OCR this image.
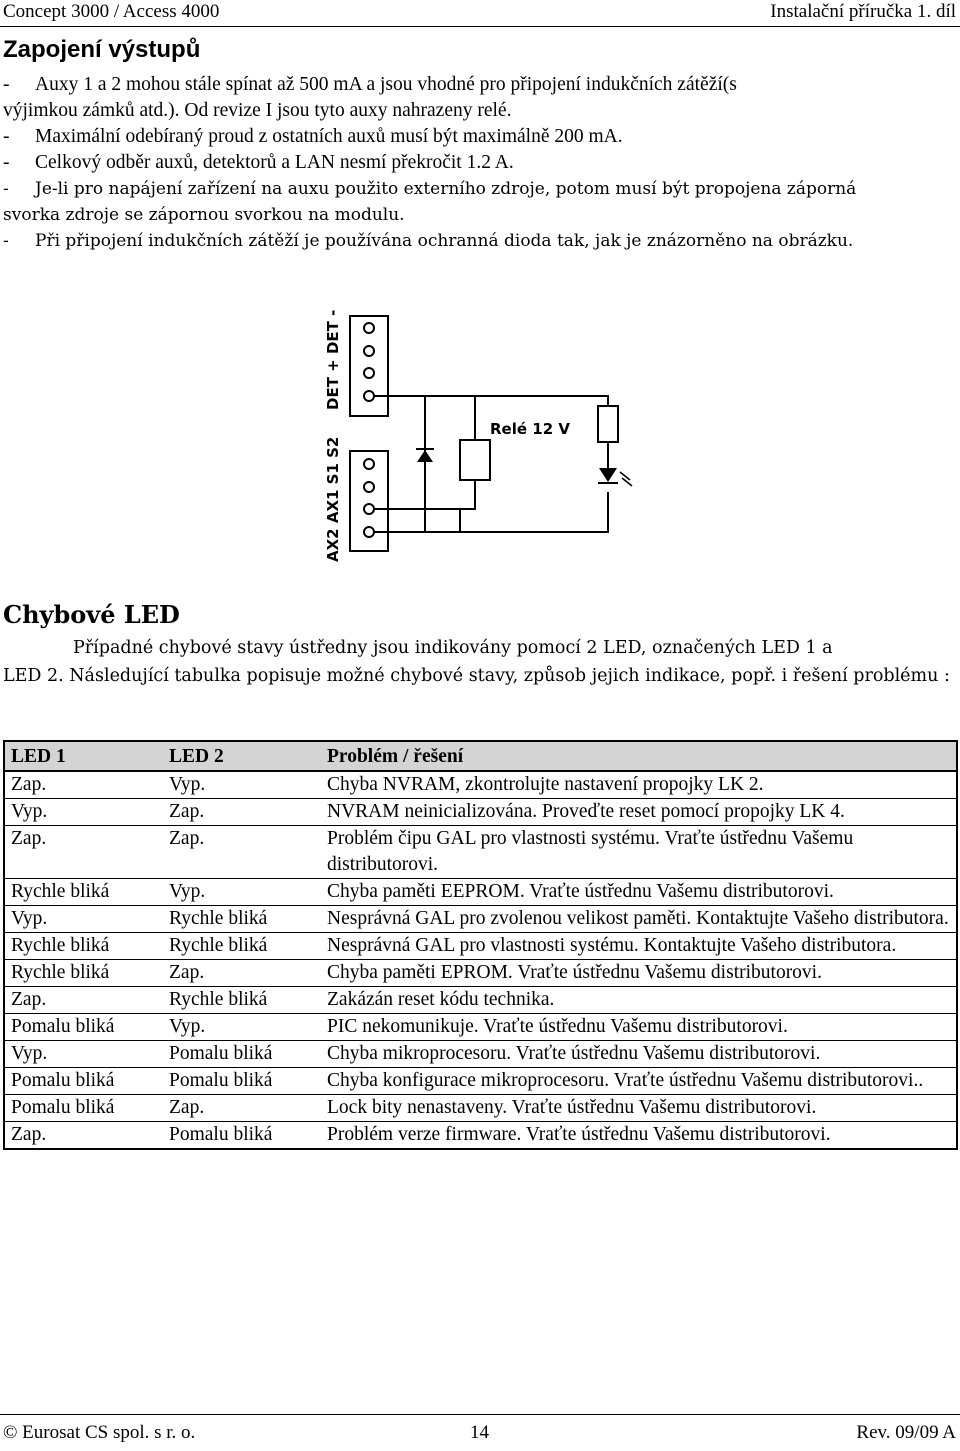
Concept 3000 / Access 4000	Instalační příručka 1. díl
Zapojení výstupů
- Auxy 1 a 2 mohou stále spínat až 500 mA a jsou vhodné pro připojení indukčních zátěží(s
výjimkou zámků atd.). Od revize I jsou tyto auxy nahrazeny relé.
- Maximální odebíraný proud z ostatních auxů musí být maximálně 200 mA.
- Celkový odběr auxů, detektorů a LAN nesmí překročit 1.2 A.
- Je-li pro napájení zařízení na auxu použito externího zdroje, potom musí být propojena záporná
svorka zdroje se zápornou svorkou na modulu.
- Při připojení indukčních zátěží je používána ochranná dioda tak, jak je znázorněno na obrázku.
DET + DET -
AX2 AX1 S1 S2
Relé 12 V
Chybové LED
Případné chybové stavy ústředny jsou indikovány pomocí 2 LED, označených LED 1 a
LED 2. Následující tabulka popisuje možné chybové stavy, způsob jejich indikace, popř. i řešení problému :
LED 1	LED 2	Problém / řešení
Zap.	Vyp.	Chyba NVRAM, zkontrolujte nastavení propojky LK 2.
Vyp.	Zap.	NVRAM neinicializována. Proveďte reset pomocí propojky LK 4.
Zap.	Zap.	Problém čipu GAL pro vlastnosti systému. Vraťte ústřednu Vašemu distributorovi.
Rychle bliká	Vyp.	Chyba paměti EEPROM. Vraťte ústřednu Vašemu distributorovi.
Vyp.	Rychle bliká	Nesprávná GAL pro zvolenou velikost paměti. Kontaktujte Vašeho distributora.
Rychle bliká	Rychle bliká	Nesprávná GAL pro vlastnosti systému. Kontaktujte Vašeho distributora.
Rychle bliká	Zap.	Chyba paměti EPROM. Vraťte ústřednu Vašemu distributorovi.
Zap.	Rychle bliká	Zakázán reset kódu technika.
Pomalu bliká	Vyp.	PIC nekomunikuje. Vraťte ústřednu Vašemu distributorovi.
Vyp.	Pomalu bliká	Chyba mikroprocesoru. Vraťte ústřednu Vašemu distributorovi.
Pomalu bliká	Pomalu bliká	Chyba konfigurace mikroprocesoru. Vraťte ústřednu Vašemu distributorovi..
Pomalu bliká	Zap.	Lock bity nenastaveny. Vraťte ústřednu Vašemu distributorovi.
Zap.	Pomalu bliká	Problém verze firmware. Vraťte ústřednu Vašemu distributorovi.
© Eurosat CS spol. s r. o.	14	Rev. 09/09 A
